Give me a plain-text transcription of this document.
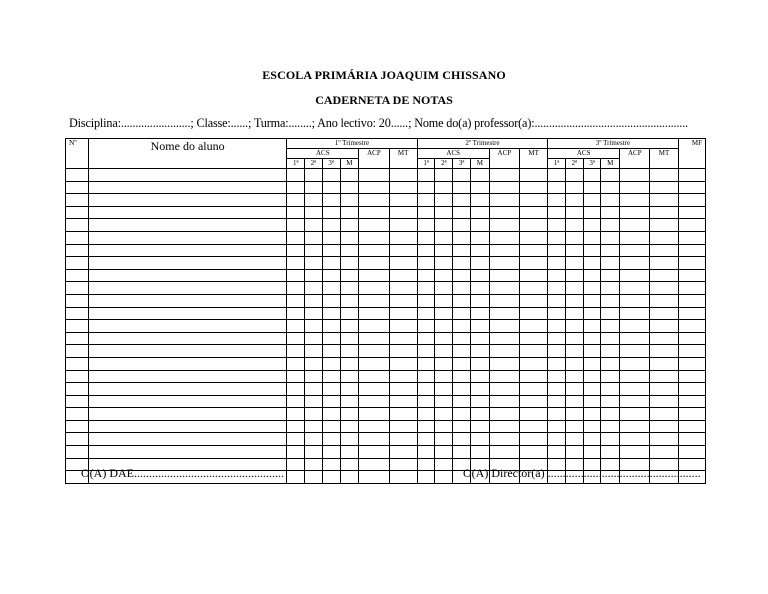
ESCOLA PRIMÁRIA JOAQUIM CHISSANO
CADERNETA DE NOTAS
Disciplina:........................; Classe:......; Turma:........; Ano lectivo: 20......; Nome do(a) professor(a):.....................................................
Nº	Nome do aluno	1º Trimestre						2º Trimestre						3º Trimestre						MF
		ACS				ACP	MT	ACS				ACP	MT	ACS				ACP	MT	
		1ª	2ª	3ª	M			1ª	2ª	3ª	M			1ª	2ª	3ª	M			

O(A) DAE..................................................	O(A) Director(a) ...................................................
